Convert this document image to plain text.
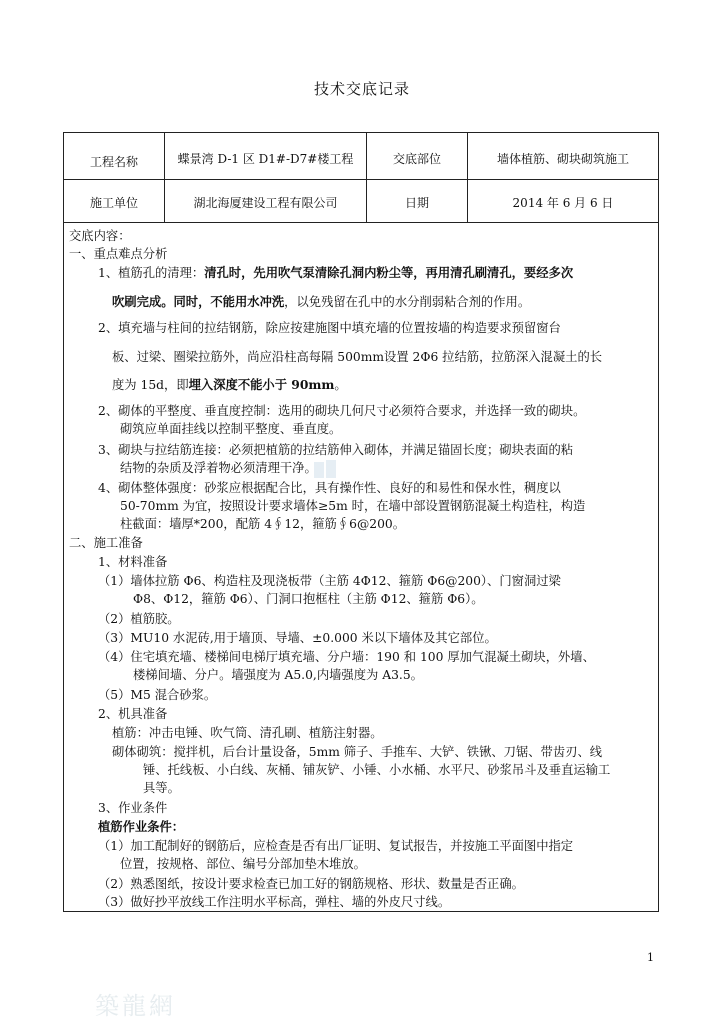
技术交底记录
工程名称	蝶景湾 D-1 区 D1#-D7#楼工程	交底部位	墙体植筋、砌块砌筑施工
施工单位	湖北海厦建设工程有限公司	日期	2014 年 6 月 6 日
交底内容：
一、重点难点分析
1、植筋孔的清理：清孔时，先用吹气泵清除孔洞内粉尘等，再用清孔刷清孔，要经多次
吹刷完成。同时，不能用水冲洗，以免残留在孔中的水分削弱粘合剂的作用。
2、填充墙与柱间的拉结钢筋，除应按建施图中填充墙的位置按墙的构造要求预留窗台
板、过梁、圈梁拉筋外，尚应沿柱高每隔 500mm设置 2Φ6 拉结筋，拉筋深入混凝土的长
度为 15d，即埋入深度不能小于 90mm。
2、砌体的平整度、垂直度控制：选用的砌块几何尺寸必须符合要求，并选择一致的砌块。
砌筑应单面挂线以控制平整度、垂直度。
3、砌块与拉结筋连接：必须把植筋的拉结筋伸入砌体，并满足锚固长度；砌块表面的粘
结物的杂质及浮着物必须清理干净。
4、砌体整体强度：砂浆应根据配合比，具有操作性、良好的和易性和保水性，稠度以
50-70mm 为宜，按照设计要求墙体≥5m 时，在墙中部设置钢筋混凝土构造柱，构造
柱截面：墙厚*200，配筋 4∮12，箍筋∮6@200。
二、施工准备
1、材料准备
（1）墙体拉筋 Φ6、构造柱及现浇板带（主筋 4Φ12、箍筋 Φ6@200）、门窗洞过梁
Φ8、Φ12，箍筋 Φ6）、门洞口抱框柱（主筋 Φ12、箍筋 Φ6）。
（2）植筋胶。
（3）MU10 水泥砖,用于墙顶、导墙、±0.000 米以下墙体及其它部位。
（4）住宅填充墙、楼梯间电梯厅填充墙、分户墙：190 和 100 厚加气混凝土砌块，外墙、
楼梯间墙、分户。墙强度为 A5.0,内墙强度为 A3.5。
（5）M5 混合砂浆。
2、机具准备
植筋：冲击电锤、吹气筒、清孔刷、植筋注射器。
砌体砌筑：搅拌机，后台计量设备，5mm 筛子、手推车、大铲、铁锹、刀锯、带齿刃、线
锤、托线板、小白线、灰桶、铺灰铲、小锤、小水桶、水平尺、砂浆吊斗及垂直运输工
具等。
3、作业条件
植筋作业条件：
（1）加工配制好的钢筋后，应检查是否有出厂证明、复试报告，并按施工平面图中指定
位置，按规格、部位、编号分部加垫木堆放。
（2）熟悉图纸，按设计要求检查已加工好的钢筋规格、形状、数量是否正确。
（3）做好抄平放线工作注明水平标高，弹柱、墙的外皮尺寸线。
1
築龍網
